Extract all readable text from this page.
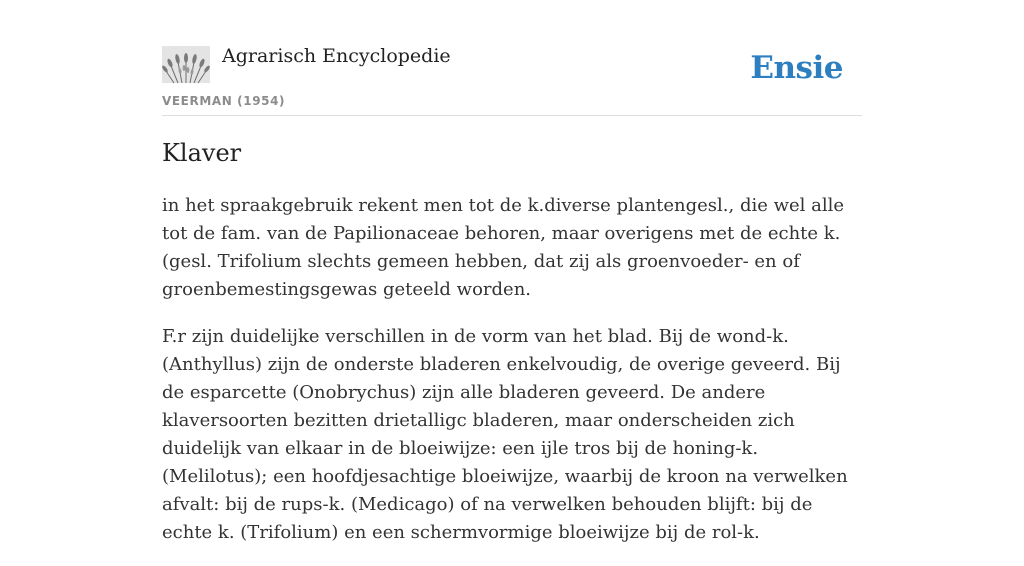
Agrarisch Encyclopedie
VEERMAN (1954)
Ensie
Klaver

in het spraakgebruik rekent men tot de k.diverse plantengesl., die wel alle tot de fam. van de Papilionaceae behoren, maar overigens met de echte k. (gesl. Trifolium slechts gemeen hebben, dat zij als groenvoeder- en of groenbemestingsgewas geteeld worden.

F.r zijn duidelijke verschillen in de vorm van het blad. Bij de wond-k. (Anthyllus) zijn de onderste bladeren enkelvoudig, de overige geveerd. Bij de esparcette (Onobrychus) zijn alle bladeren geveerd. De andere klaversoorten bezitten drietalligc bladeren, maar onderscheiden zich duidelijk van elkaar in de bloeiwijze: een ijle tros bij de honing-k. (Melilotus); een hoofdjesachtige bloeiwijze, waarbij de kroon na verwelken afvalt: bij de rups-k. (Medicago) of na verwelken behouden blijft: bij de echte k. (Trifolium) en een schermvormige bloeiwijze bij de rol-k.
